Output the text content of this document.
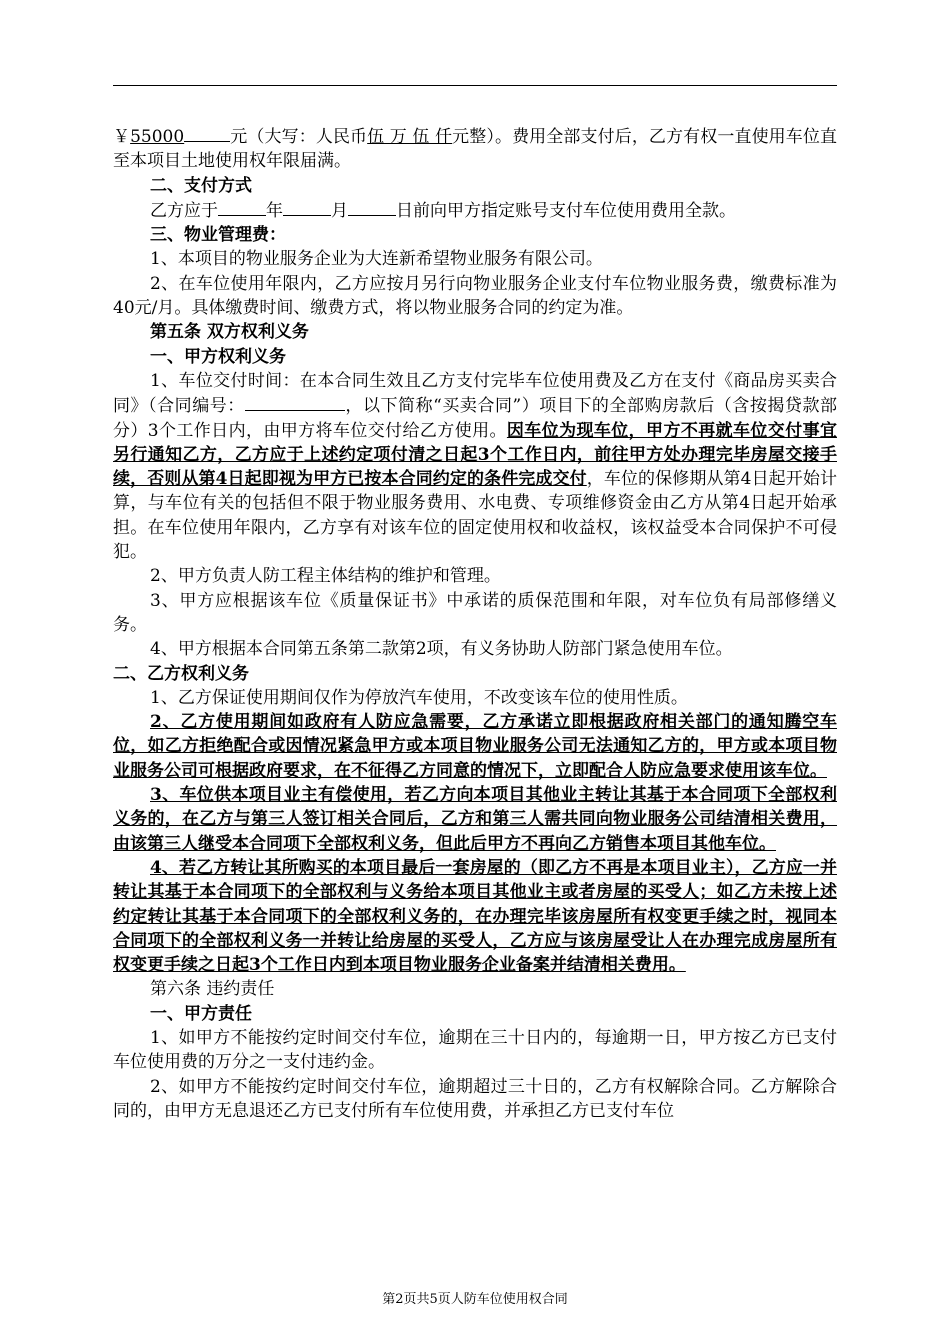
￥55000	元（大写：人民币伍 万 伍 仟元整）。费用全部支付后，乙方有权一直使用车位直至本项目土地使用权年限届满。

二、支付方式

乙方应于	年	月	日前向甲方指定账号支付车位使用费用全款。

三、物业管理费：

1、本项目的物业服务企业为大连新希望物业服务有限公司。

2、在车位使用年限内，乙方应按月另行向物业服务企业支付车位物业服务费，缴费标准为40元/月。具体缴费时间、缴费方式，将以物业服务合同的约定为准。

第五条 双方权利义务

一、甲方权利义务

1、车位交付时间：在本合同生效且乙方支付完毕车位使用费及乙方在支付《商品房买卖合同》（合同编号：	，以下简称“买卖合同”）项目下的全部购房款后（含按揭贷款部分）3个工作日内，由甲方将车位交付给乙方使用。因车位为现车位，甲方不再就车位交付事宜另行通知乙方，乙方应于上述约定项付清之日起3个工作日内，前往甲方处办理完毕房屋交接手续，否则从第4日起即视为甲方已按本合同约定的条件完成交付，车位的保修期从第4日起开始计算，与车位有关的包括但不限于物业服务费用、水电费、专项维修资金由乙方从第4日起开始承担。在车位使用年限内，乙方享有对该车位的固定使用权和收益权，该权益受本合同保护不可侵犯。

2、甲方负责人防工程主体结构的维护和管理。

3、甲方应根据该车位《质量保证书》中承诺的质保范围和年限，对车位负有局部修缮义务。

4、甲方根据本合同第五条第二款第2项，有义务协助人防部门紧急使用车位。

二、乙方权利义务

1、乙方保证使用期间仅作为停放汽车使用，不改变该车位的使用性质。

2、乙方使用期间如政府有人防应急需要，乙方承诺立即根据政府相关部门的通知腾空车位，如乙方拒绝配合或因情况紧急甲方或本项目物业服务公司无法通知乙方的，甲方或本项目物业服务公司可根据政府要求，在不征得乙方同意的情况下，立即配合人防应急要求使用该车位。

3、车位供本项目业主有偿使用，若乙方向本项目其他业主转让其基于本合同项下全部权利义务的，在乙方与第三人签订相关合同后，乙方和第三人需共同向物业服务公司结清相关费用，由该第三人继受本合同项下全部权利义务，但此后甲方不再向乙方销售本项目其他车位。

4、若乙方转让其所购买的本项目最后一套房屋的（即乙方不再是本项目业主），乙方应一并转让其基于本合同项下的全部权利与义务给本项目其他业主或者房屋的买受人；如乙方未按上述约定转让其基于本合同项下的全部权利义务的，在办理完毕该房屋所有权变更手续之时，视同本合同项下的全部权利义务一并转让给房屋的买受人，乙方应与该房屋受让人在办理完成房屋所有权变更手续之日起3个工作日内到本项目物业服务企业备案并结清相关费用。

第六条 违约责任

一、甲方责任

1、如甲方不能按约定时间交付车位，逾期在三十日内的，每逾期一日，甲方按乙方已支付车位使用费的万分之一支付违约金。

2、如甲方不能按约定时间交付车位，逾期超过三十日的，乙方有权解除合同。乙方解除合同的，由甲方无息退还乙方已支付所有车位使用费，并承担乙方已支付车位

第2页共5页人防车位使用权合同
